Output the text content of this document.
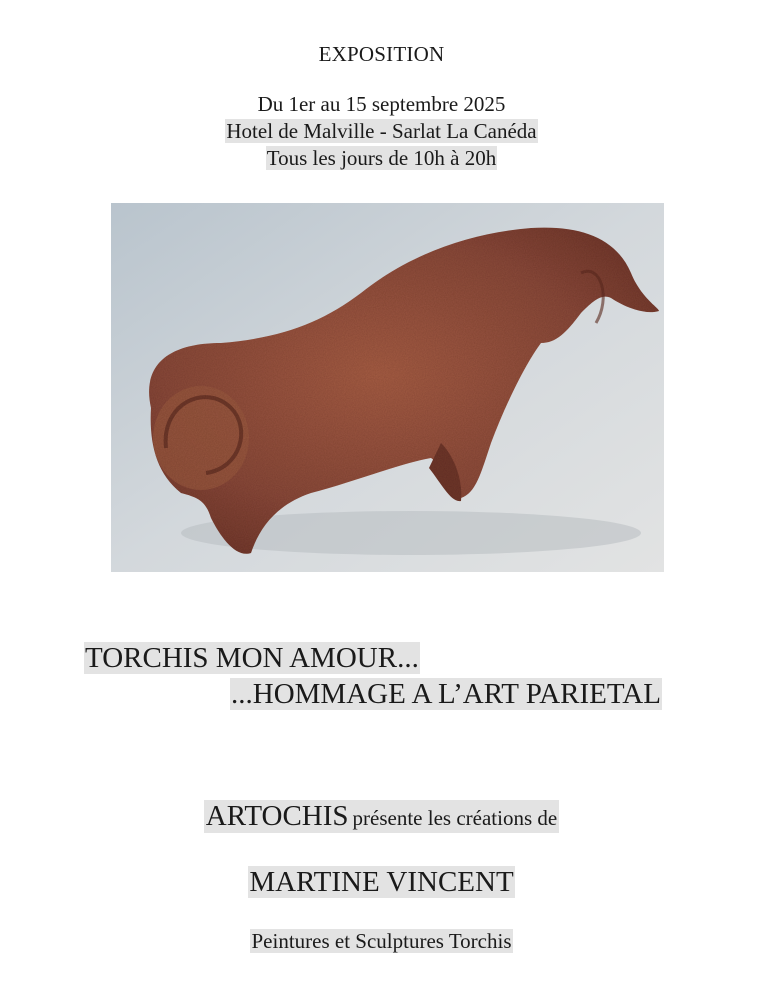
EXPOSITION
Du 1er au 15 septembre 2025
Hotel de Malville - Sarlat La Canéda
Tous les jours de 10h à 20h
TORCHIS MON AMOUR...
...HOMMAGE A L’ART PARIETAL
ARTOCHIS présente les créations de
MARTINE VINCENT
Peintures et Sculptures Torchis
